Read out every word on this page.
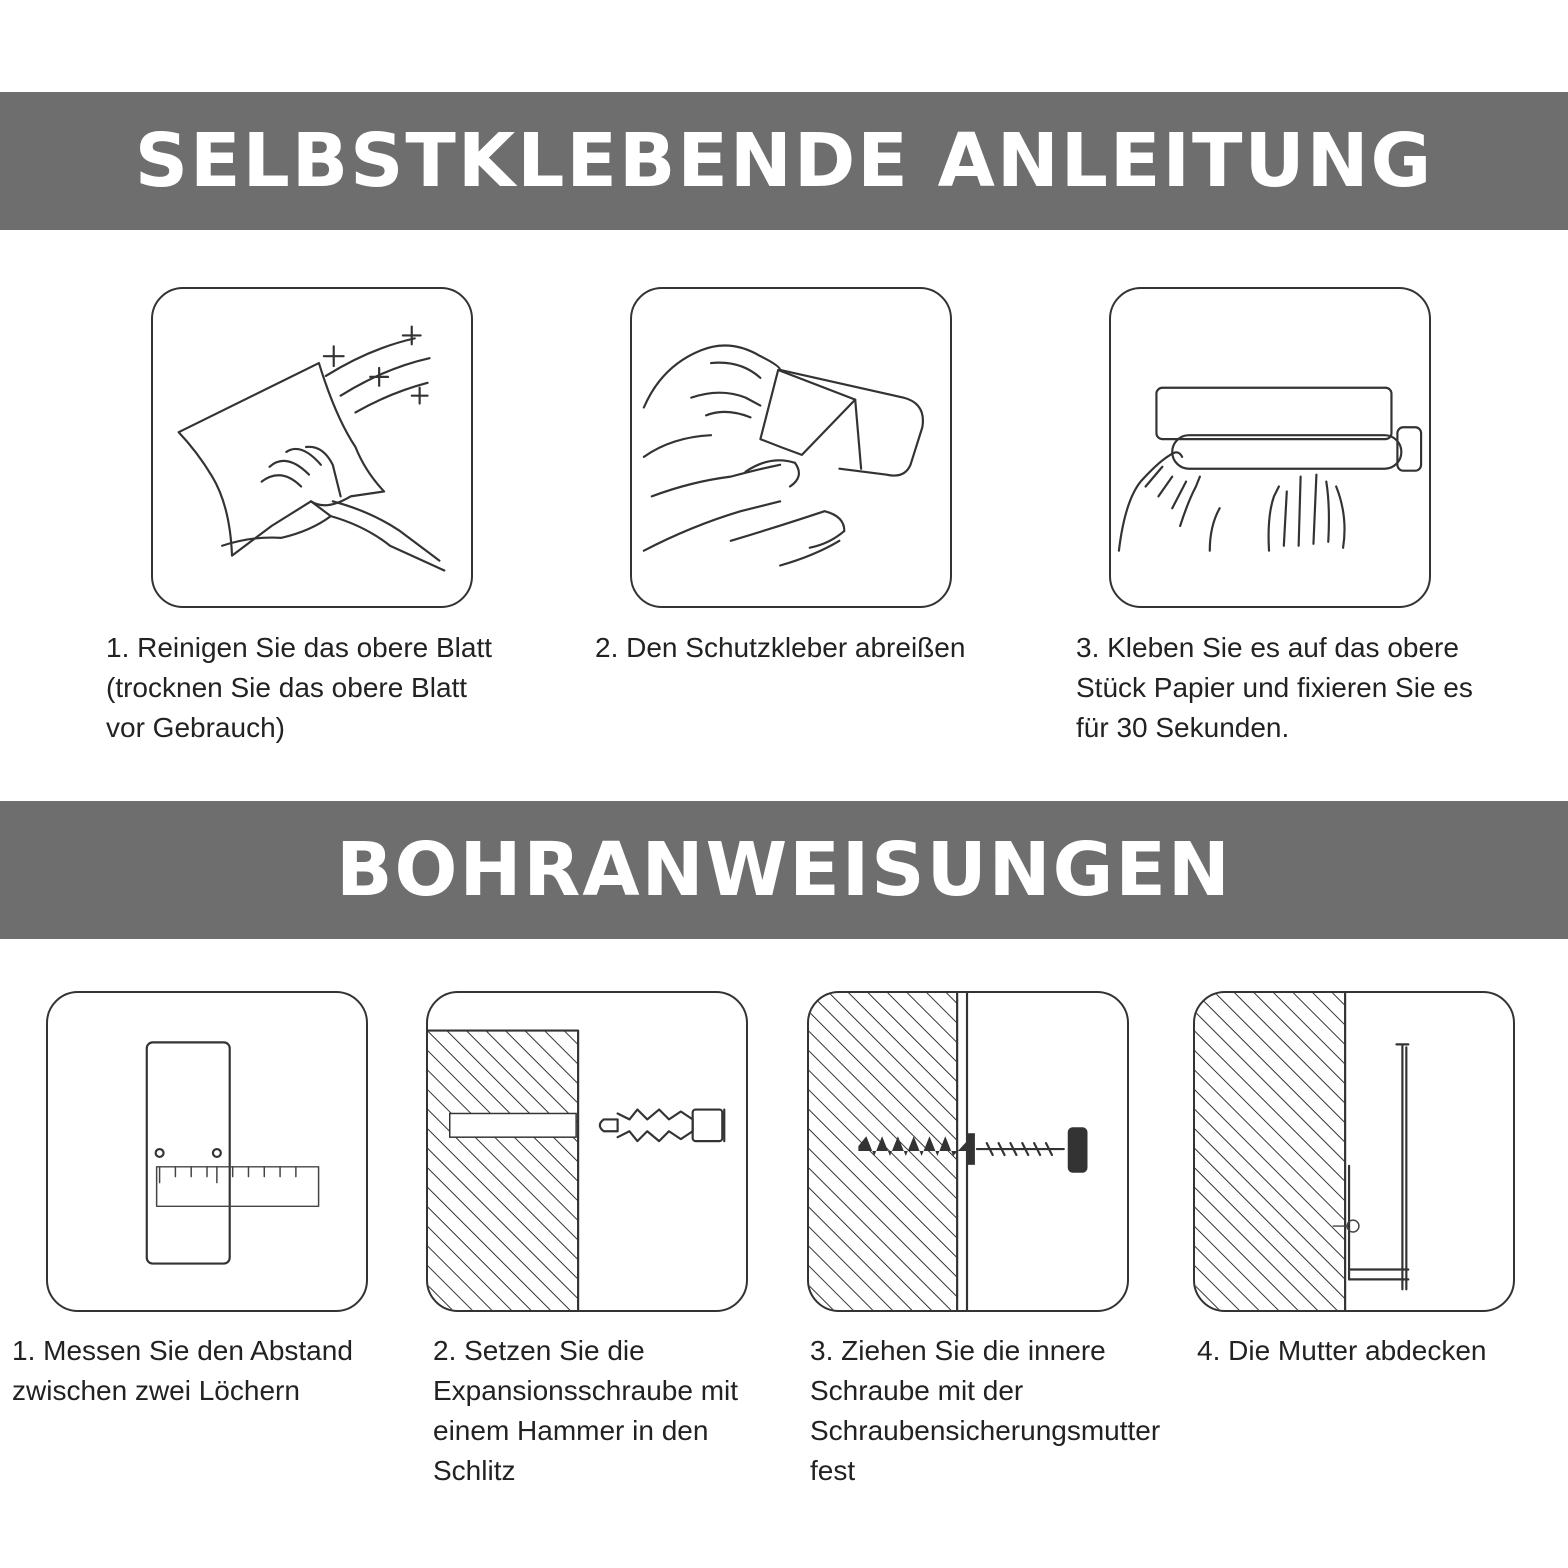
SELBSTKLEBENDE ANLEITUNG
1. Reinigen Sie das obere Blatt
(trocknen Sie das obere Blatt
vor Gebrauch)
2. Den Schutzkleber abreißen	3. Kleben Sie es auf das obere
Stück Papier und fixieren Sie es
für 30 Sekunden.
BOHRANWEISUNGEN
1. Messen Sie den Abstand
zwischen zwei Löchern
2. Setzen Sie die
Expansionsschraube mit
einem Hammer in den
Schlitz
3. Ziehen Sie die innere
Schraube mit der
Schraubensicherungsmutter
fest
4. Die Mutter abdecken
